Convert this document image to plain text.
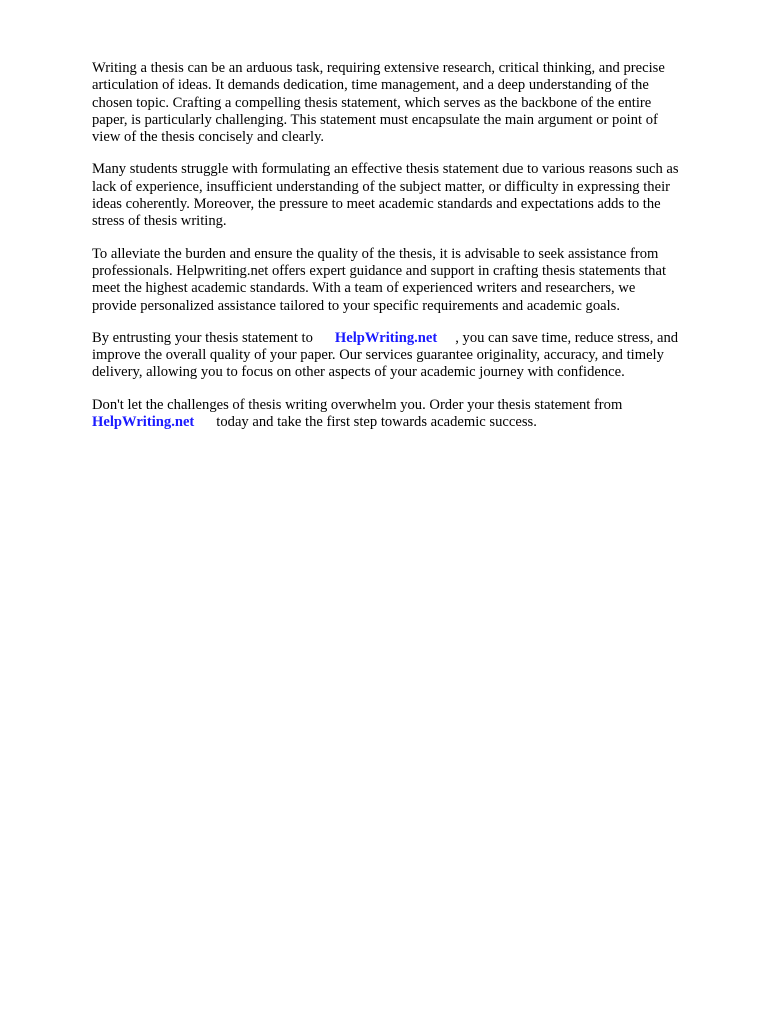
Writing a thesis can be an arduous task, requiring extensive research, critical thinking, and precise
articulation of ideas. It demands dedication, time management, and a deep understanding of the
chosen topic. Crafting a compelling thesis statement, which serves as the backbone of the entire
paper, is particularly challenging. This statement must encapsulate the main argument or point of
view of the thesis concisely and clearly.

Many students struggle with formulating an effective thesis statement due to various reasons such as
lack of experience, insufficient understanding of the subject matter, or difficulty in expressing their
ideas coherently. Moreover, the pressure to meet academic standards and expectations adds to the
stress of thesis writing.

To alleviate the burden and ensure the quality of the thesis, it is advisable to seek assistance from
professionals. Helpwriting.net offers expert guidance and support in crafting thesis statements that
meet the highest academic standards. With a team of experienced writers and researchers, we
provide personalized assistance tailored to your specific requirements and academic goals.

By entrusting your thesis statement to HelpWriting.net , you can save time, reduce stress, and
improve the overall quality of your paper. Our services guarantee originality, accuracy, and timely
delivery, allowing you to focus on other aspects of your academic journey with confidence.

Don't let the challenges of thesis writing overwhelm you. Order your thesis statement from
HelpWriting.net today and take the first step towards academic success.
